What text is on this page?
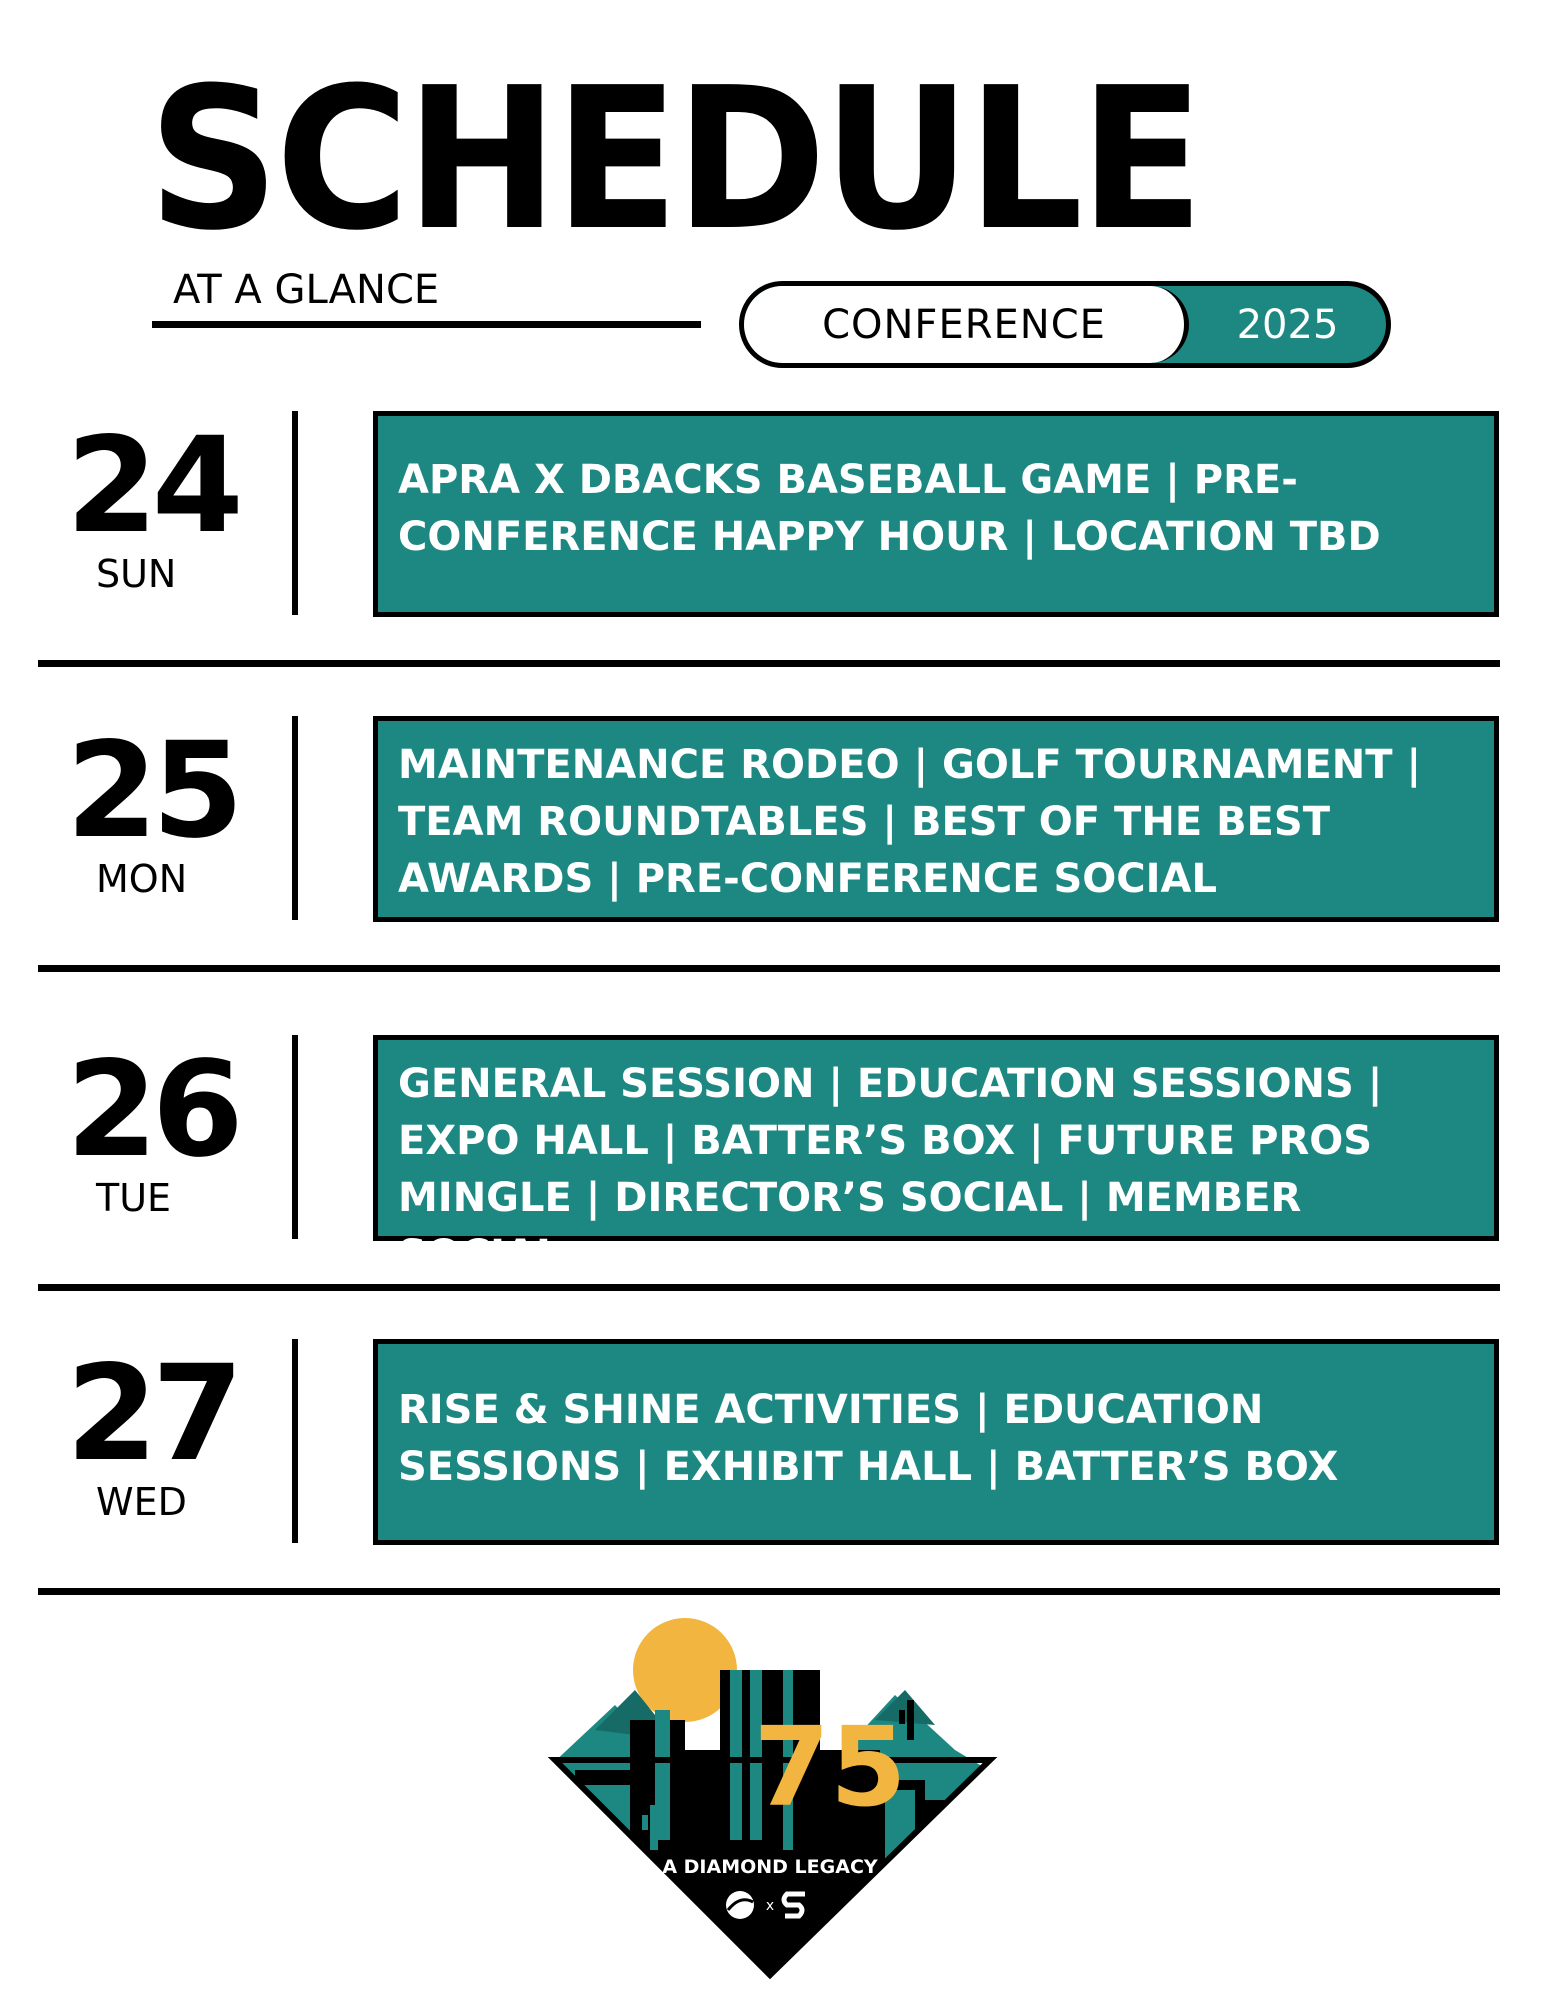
SCHEDULE
AT A GLANCE
CONFERENCE	2025
24
SUN
APRA X DBACKS BASEBALL GAME | PRE-CONFERENCE HAPPY HOUR | LOCATION TBD
25
MON
MAINTENANCE RODEO | GOLF TOURNAMENT | TEAM ROUNDTABLES | BEST OF THE BEST AWARDS | PRE-CONFERENCE SOCIAL
26
TUE
GENERAL SESSION | EDUCATION SESSIONS | EXPO HALL | BATTER’S BOX | FUTURE PROS MINGLE | DIRECTOR’S SOCIAL | MEMBER SOCIAL
27
WED
RISE & SHINE ACTIVITIES | EDUCATION SESSIONS | EXHIBIT HALL | BATTER’S BOX
75
A DIAMOND LEGACY
x
